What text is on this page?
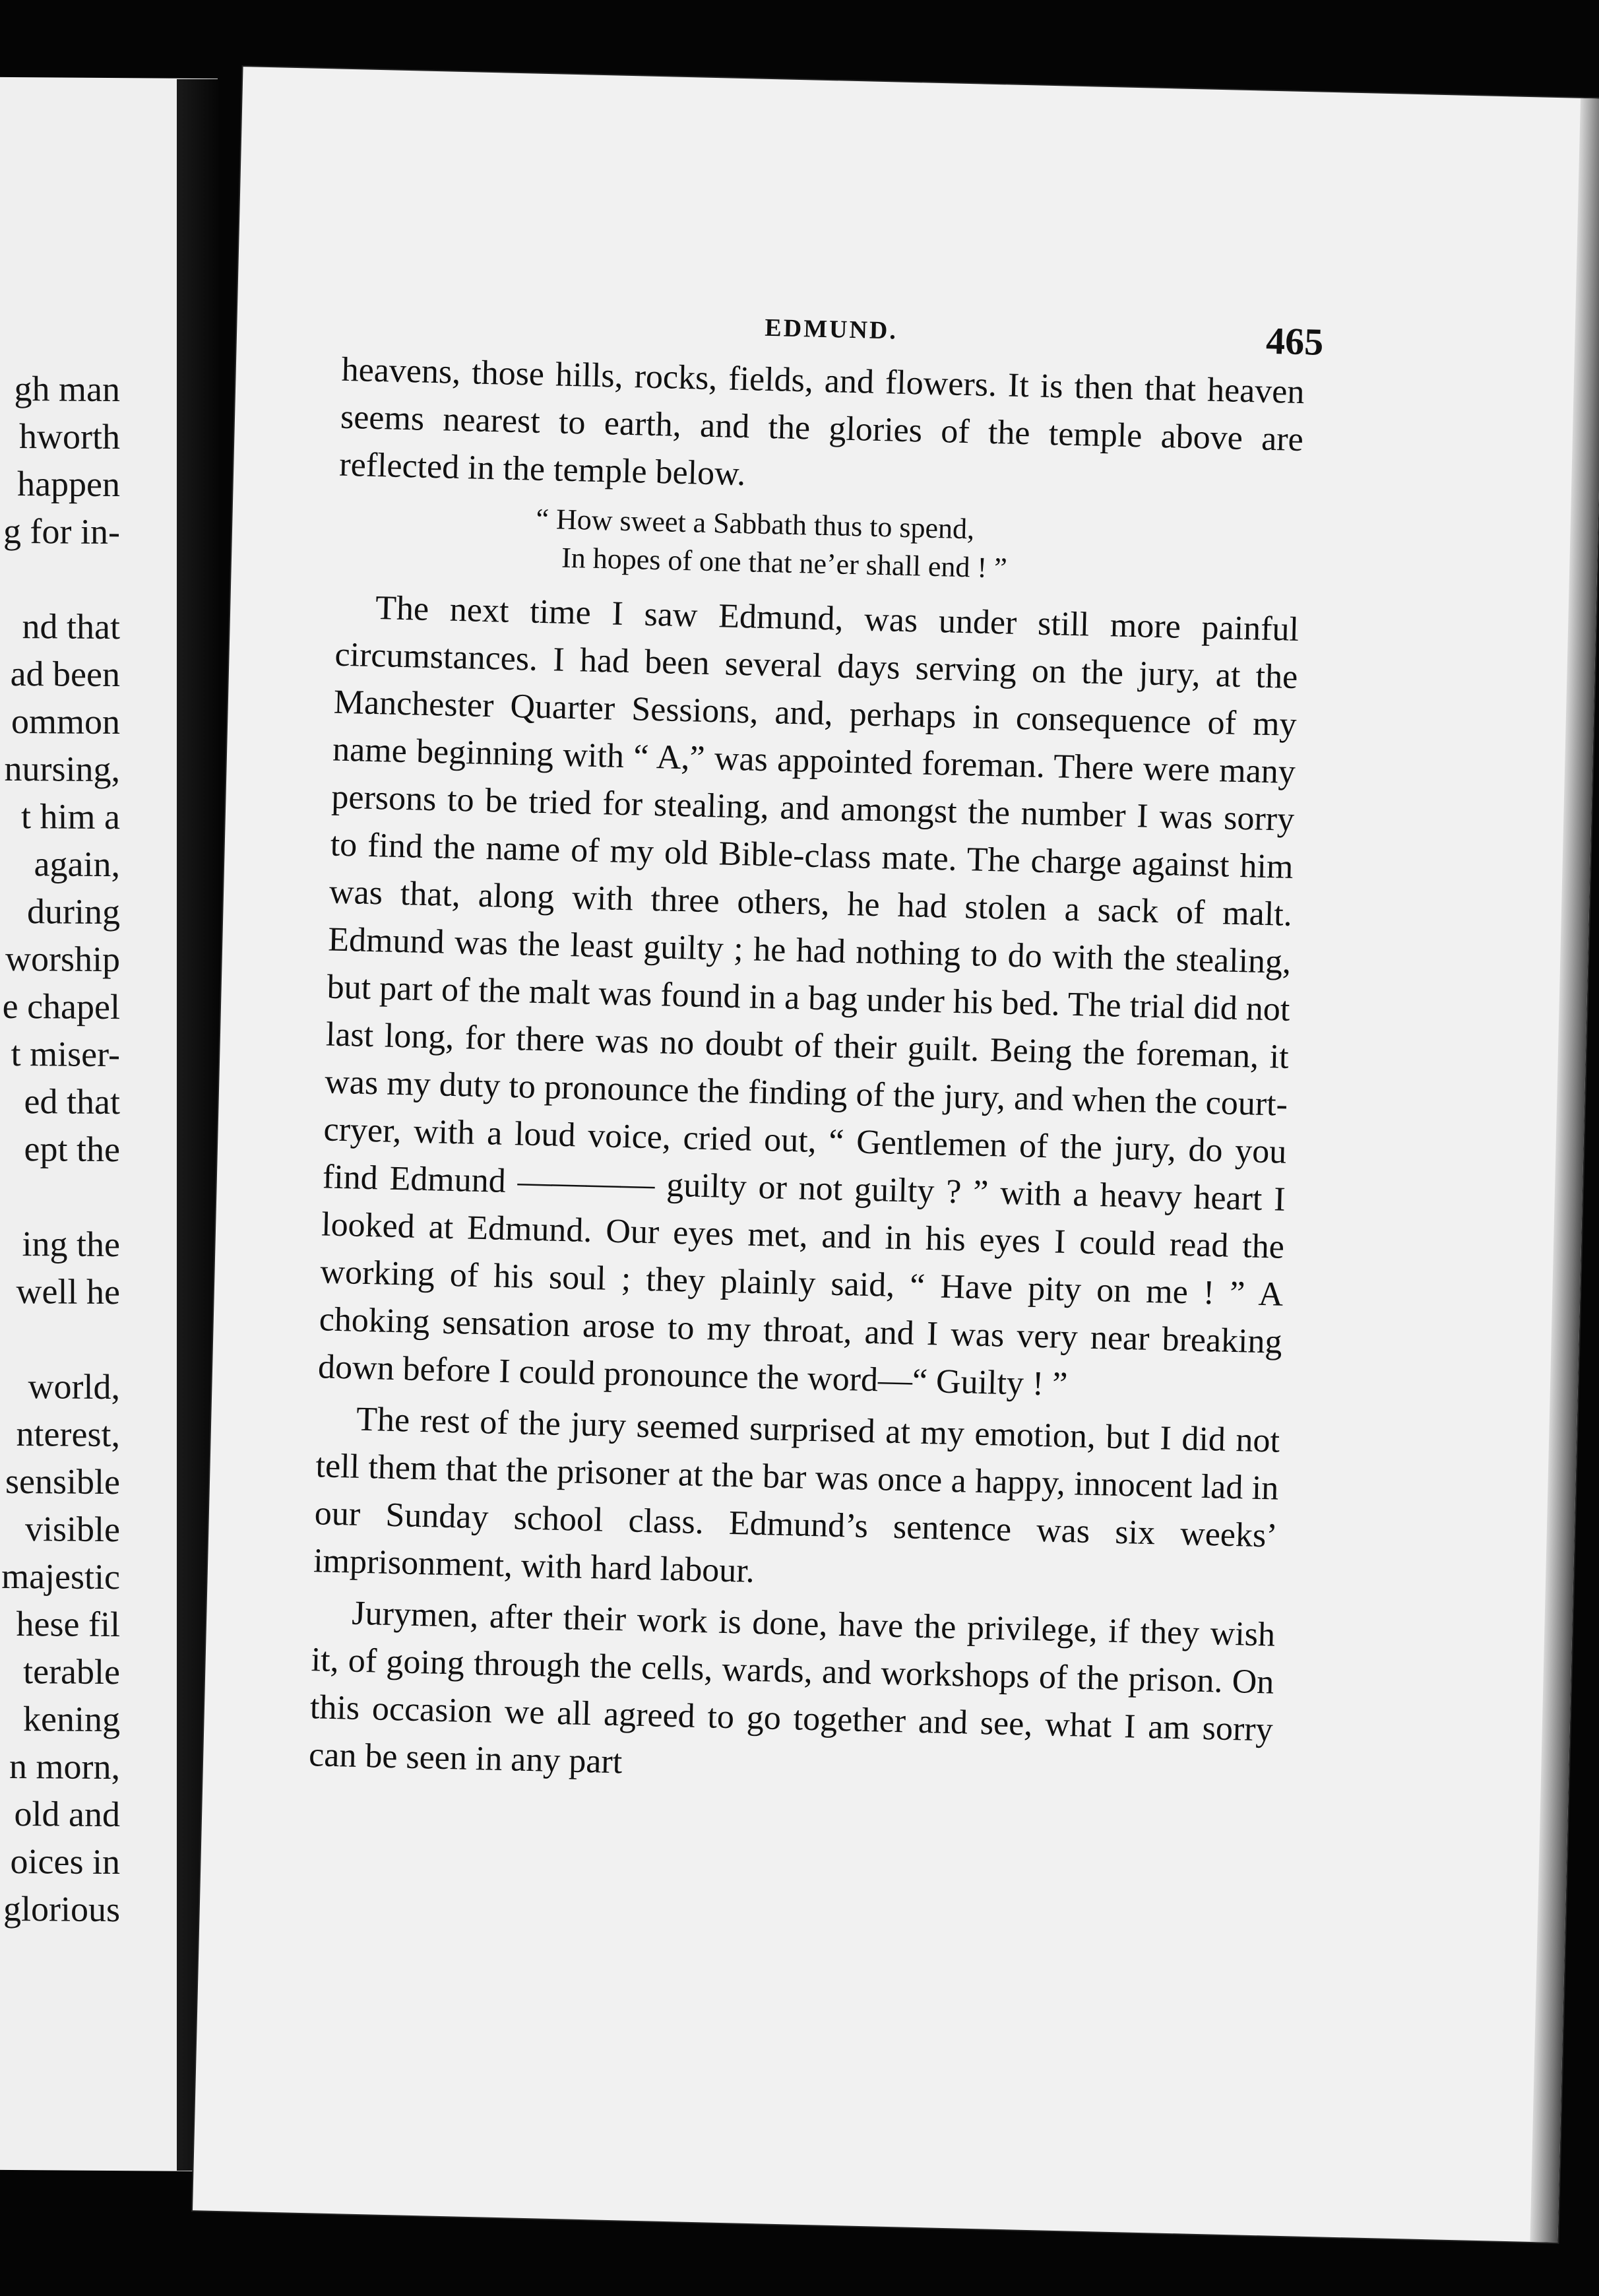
gh man
hworth
happen
g for in-
nd that
ad been
ommon
nursing,
t him a
again,
during
worship
e chapel
t miser-
ed that
ept the
ing the
well he
world,
nterest,
sensible
visible
majestic
hese fil
terable
kening
n morn,
old and
oices in
glorious
EDMUND.	465

heavens, those hills, rocks, fields, and flowers. It is then that heaven seems nearest to earth, and the glories of the temple above are reflected in the temple below.

“ How sweet a Sabbath thus to spend,
In hopes of one that ne’er shall end ! ”

The next time I saw Edmund, was under still more painful circumstances. I had been several days serving on the jury, at the Manchester Quarter Sessions, and, perhaps in consequence of my name beginning with “ A,” was appointed foreman. There were many persons to be tried for stealing, and amongst the number I was sorry to find the name of my old Bible-class mate. The charge against him was that, along with three others, he had stolen a sack of malt. Edmund was the least guilty ; he had nothing to do with the stealing, but part of the malt was found in a bag under his bed. The trial did not last long, for there was no doubt of their guilt. Being the foreman, it was my duty to pronounce the finding of the jury, and when the court-cryer, with a loud voice, cried out, “ Gentlemen of the jury, do you find Edmund ———— guilty or not guilty ? ” with a heavy heart I looked at Edmund. Our eyes met, and in his eyes I could read the working of his soul ; they plainly said, “ Have pity on me ! ” A choking sensation arose to my throat, and I was very near breaking down before I could pronounce the word—“ Guilty ! ”

The rest of the jury seemed surprised at my emotion, but I did not tell them that the prisoner at the bar was once a happy, innocent lad in our Sunday school class. Edmund’s sentence was six weeks’ imprisonment, with hard labour.

Jurymen, after their work is done, have the privilege, if they wish it, of going through the cells, wards, and workshops of the prison. On this occasion we all agreed to go together and see, what I am sorry can be seen in any part
